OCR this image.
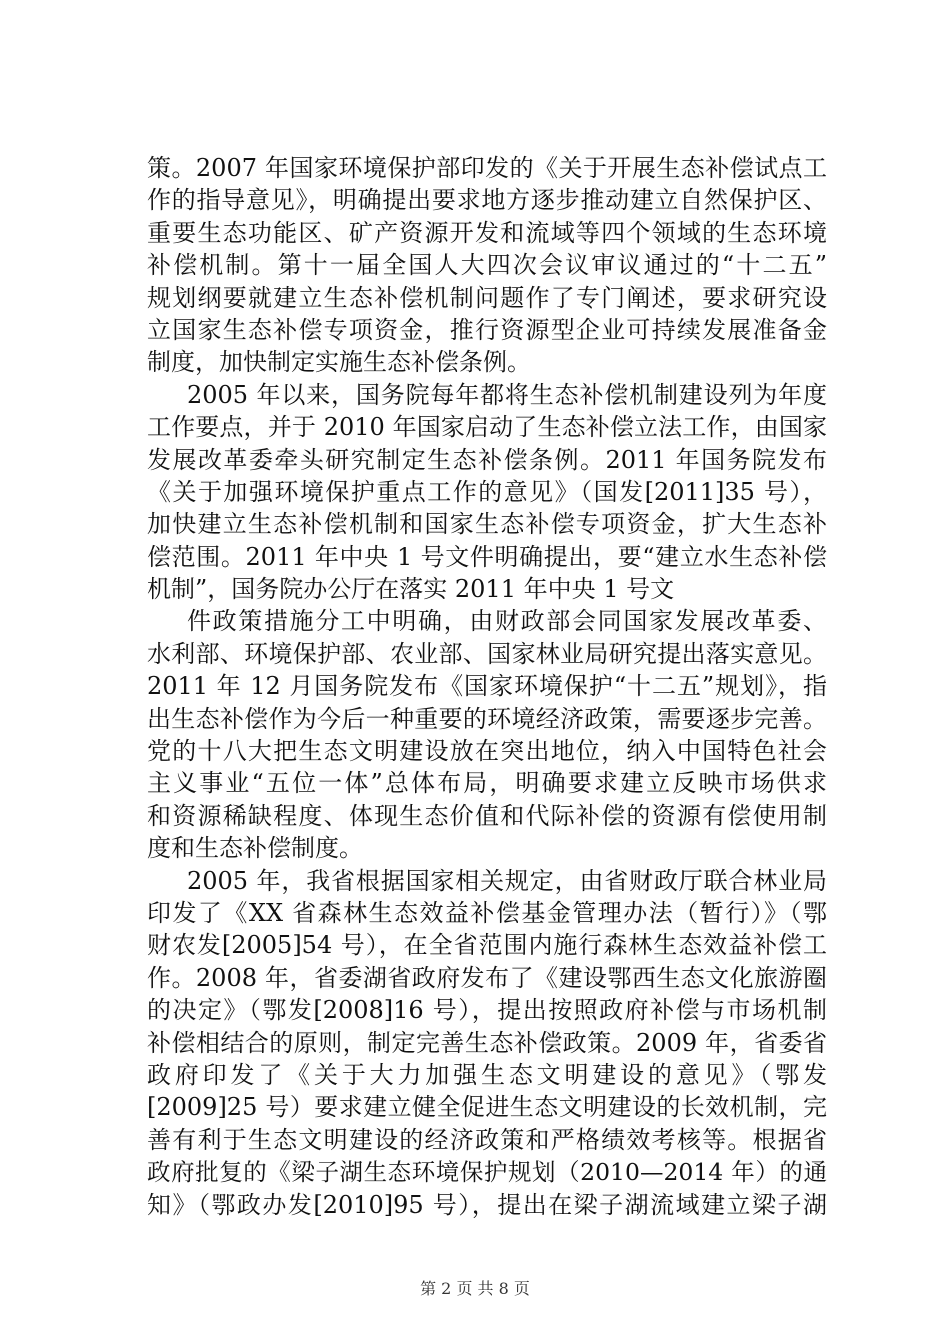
策。2007 年国家环境保护部印发的《关于开展生态补偿试点工
作的指导意见》，明确提出要求地方逐步推动建立自然保护区、
重要生态功能区、矿产资源开发和流域等四个领域的生态环境
补偿机制。第十一届全国人大四次会议审议通过的“十二五”
规划纲要就建立生态补偿机制问题作了专门阐述，要求研究设
立国家生态补偿专项资金，推行资源型企业可持续发展准备金
制度，加快制定实施生态补偿条例。
2005 年以来，国务院每年都将生态补偿机制建设列为年度
工作要点，并于 2010 年国家启动了生态补偿立法工作，由国家
发展改革委牵头研究制定生态补偿条例。2011 年国务院发布
《关于加强环境保护重点工作的意见》（国发[2011]35 号），
加快建立生态补偿机制和国家生态补偿专项资金，扩大生态补
偿范围。2011 年中央 1 号文件明确提出，要“建立水生态补偿
机制”，国务院办公厅在落实 2011 年中央 1 号文
件政策措施分工中明确，由财政部会同国家发展改革委、
水利部、环境保护部、农业部、国家林业局研究提出落实意见。
2011 年 12 月国务院发布《国家环境保护“十二五”规划》，指
出生态补偿作为今后一种重要的环境经济政策，需要逐步完善。
党的十八大把生态文明建设放在突出地位，纳入中国特色社会
主义事业“五位一体”总体布局，明确要求建立反映市场供求
和资源稀缺程度、体现生态价值和代际补偿的资源有偿使用制
度和生态补偿制度。
2005 年，我省根据国家相关规定，由省财政厅联合林业局
印发了《XX 省森林生态效益补偿基金管理办法（暂行）》（鄂
财农发[2005]54 号），在全省范围内施行森林生态效益补偿工
作。2008 年，省委湖省政府发布了《建设鄂西生态文化旅游圈
的决定》（鄂发[2008]16 号），提出按照政府补偿与市场机制
补偿相结合的原则，制定完善生态补偿政策。2009 年，省委省
政府印发了《关于大力加强生态文明建设的意见》（鄂发
[2009]25 号）要求建立健全促进生态文明建设的长效机制，完
善有利于生态文明建设的经济政策和严格绩效考核等。根据省
政府批复的《梁子湖生态环境保护规划（2010—2014 年）的通
知》（鄂政办发[2010]95 号），提出在梁子湖流域建立梁子湖
第 2 页 共 8 页
